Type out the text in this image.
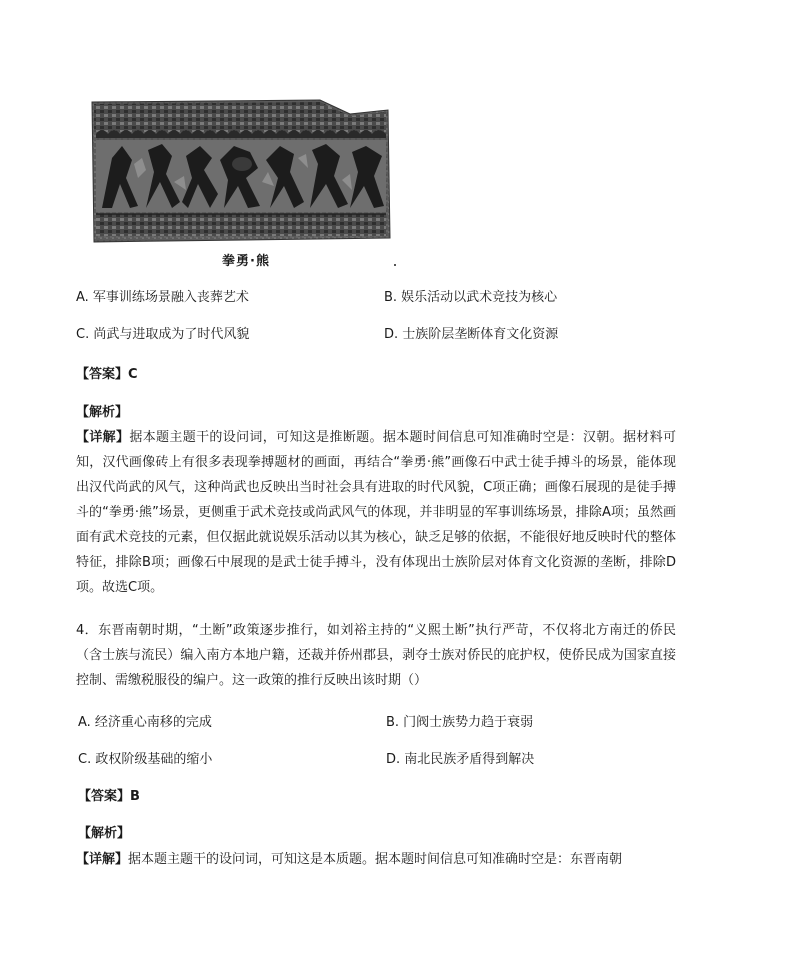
拳勇·熊
A. 军事训练场景融入丧葬艺术	B. 娱乐活动以武术竞技为核心
C. 尚武与进取成为了时代风貌	D. 士族阶层垄断体育文化资源
【答案】C
【解析】
【详解】据本题主题干的设问词，可知这是推断题。据本题时间信息可知准确时空是：汉朝。据材料可知，汉代画像砖上有很多表现拳搏题材的画面，再结合“拳勇·熊”画像石中武士徒手搏斗的场景，能体现出汉代尚武的风气，这种尚武也反映出当时社会具有进取的时代风貌，C项正确；画像石展现的是徒手搏斗的“拳勇·熊”场景，更侧重于武术竞技或尚武风气的体现，并非明显的军事训练场景，排除A项；虽然画面有武术竞技的元素，但仅据此就说娱乐活动以其为核心，缺乏足够的依据，不能很好地反映时代的整体特征，排除B项；画像石中展现的是武士徒手搏斗，没有体现出士族阶层对体育文化资源的垄断，排除D项。故选C项。
4．东晋南朝时期，“土断”政策逐步推行，如刘裕主持的“义熙土断”执行严苛，不仅将北方南迁的侨民（含士族与流民）编入南方本地户籍，还裁并侨州郡县，剥夺士族对侨民的庇护权，使侨民成为国家直接控制、需缴税服役的编户。这一政策的推行反映出该时期（）
A. 经济重心南移的完成	B. 门阀士族势力趋于衰弱
C. 政权阶级基础的缩小	D. 南北民族矛盾得到解决
【答案】B
【解析】
【详解】据本题主题干的设问词，可知这是本质题。据本题时间信息可知准确时空是：东晋南朝
